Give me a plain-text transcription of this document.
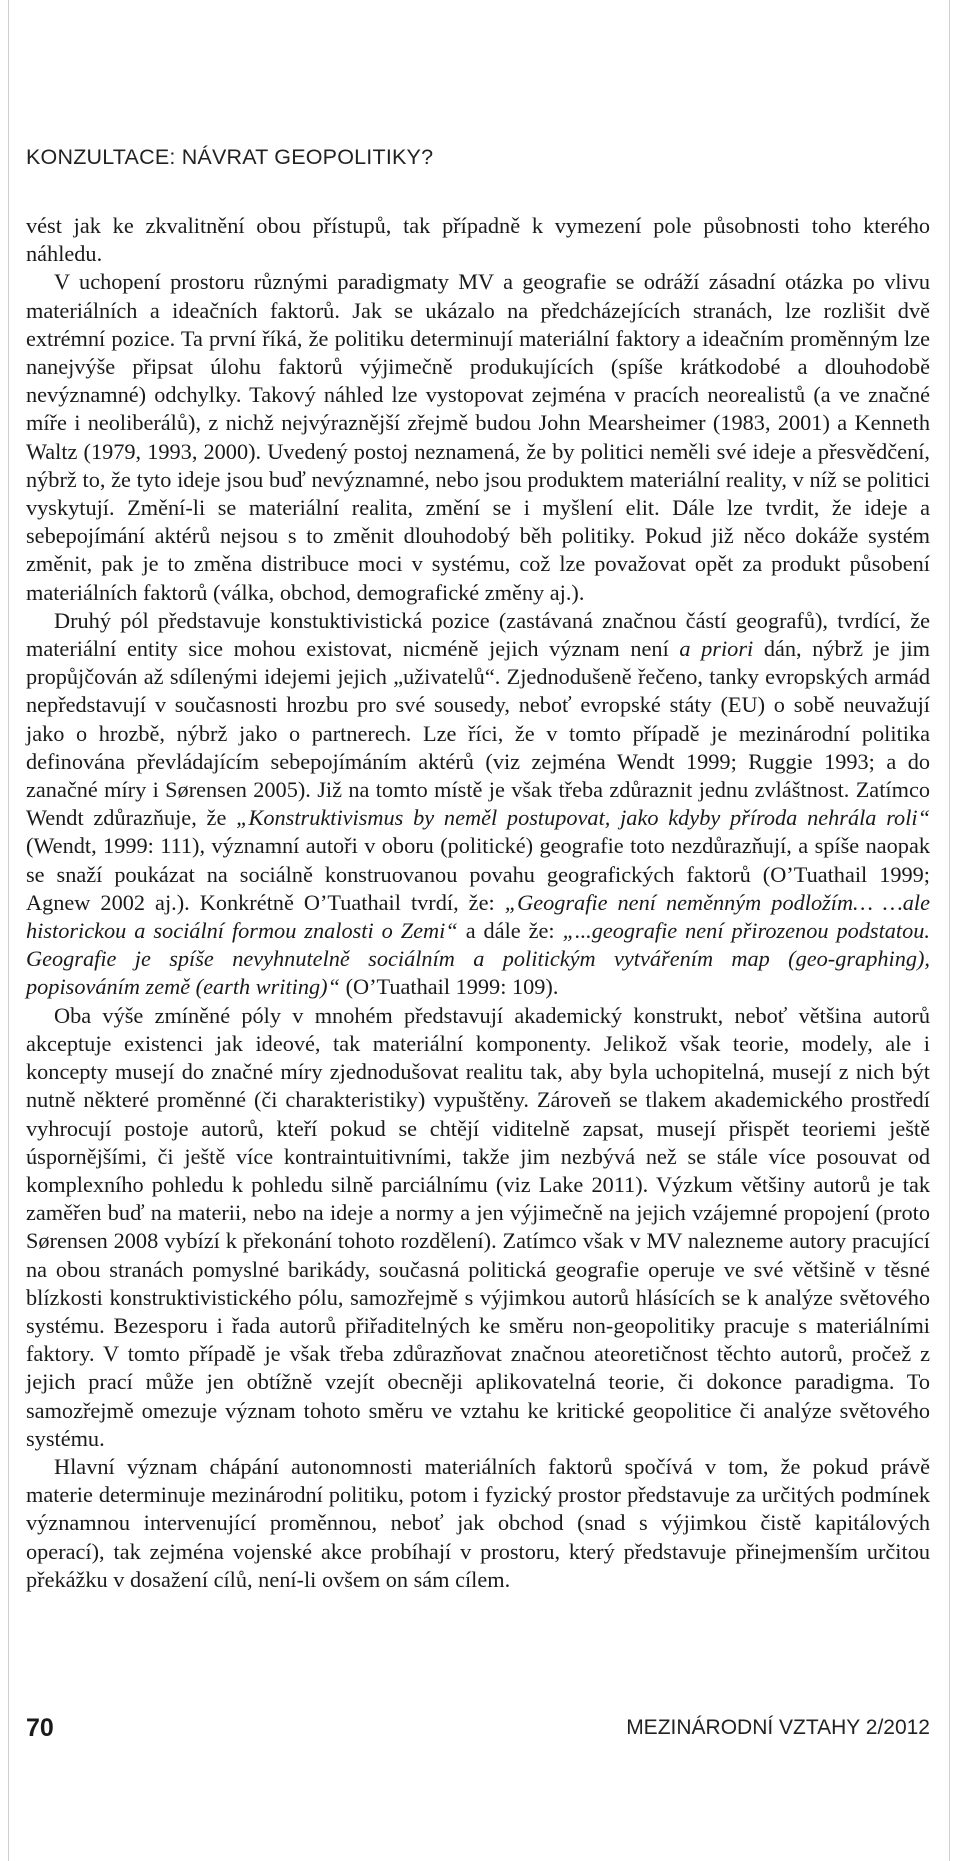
KONZULTACE: NÁVRAT GEOPOLITIKY?

vést jak ke zkvalitnění obou přístupů, tak případně k vymezení pole působnosti toho kterého náhledu.

V uchopení prostoru různými paradigmaty MV a geografie se odráží zásadní otázka po vlivu materiálních a ideačních faktorů. Jak se ukázalo na předcházejících stranách, lze rozlišit dvě extrémní pozice. Ta první říká, že politiku determinují materiální faktory a ideačním proměnným lze nanejvýše připsat úlohu faktorů výjimečně produkujících (spíše krátkodobé a dlouhodobě nevýznamné) odchylky. Takový náhled lze vystopovat zejména v pracích neorealistů (a ve značné míře i neoliberálů), z nichž nejvýraznější zřejmě budou John Mearsheimer (1983, 2001) a Kenneth Waltz (1979, 1993, 2000). Uvedený postoj neznamená, že by politici neměli své ideje a přesvědčení, nýbrž to, že tyto ideje jsou buď nevýznamné, nebo jsou produktem materiální reality, v níž se politici vyskytují. Změní-li se materiální realita, změní se i myšlení elit. Dále lze tvrdit, že ideje a sebepojímání aktérů nejsou s to změnit dlouhodobý běh politiky. Pokud již něco dokáže systém změnit, pak je to změna distribuce moci v systému, což lze považovat opět za produkt působení materiálních faktorů (válka, obchod, demografické změny aj.).

Druhý pól představuje konstuktivistická pozice (zastávaná značnou částí geografů), tvrdící, že materiální entity sice mohou existovat, nicméně jejich význam není a priori dán, nýbrž je jim propůjčován až sdílenými idejemi jejich „uživatelů“. Zjednodušeně řečeno, tanky evropských armád nepředstavují v současnosti hrozbu pro své sousedy, neboť evropské státy (EU) o sobě neuvažují jako o hrozbě, nýbrž jako o partnerech. Lze říci, že v tomto případě je mezinárodní politika definována převládajícím sebepojímáním aktérů (viz zejména Wendt 1999; Ruggie 1993; a do zanačné míry i Sørensen 2005). Již na tomto místě je však třeba zdůraznit jednu zvláštnost. Zatímco Wendt zdůrazňuje, že „Konstruktivismus by neměl postupovat, jako kdyby příroda nehrála roli“ (Wendt, 1999: 111), významní autoři v oboru (politické) geografie toto nezdůrazňují, a spíše naopak se snaží poukázat na sociálně konstruovanou povahu geografických faktorů (O’Tuathail 1999; Agnew 2002 aj.). Konkrétně O’Tuathail tvrdí, že: „Geografie není neměnným podložím… …ale historickou a sociální formou znalosti o Zemi“ a dále že: „...geografie není přirozenou podstatou. Geografie je spíše nevyhnutelně sociálním a politickým vytvářením map (geo-graphing), popisováním země (earth writing)“ (O’Tuathail 1999: 109).

Oba výše zmíněné póly v mnohém představují akademický konstrukt, neboť většina autorů akceptuje existenci jak ideové, tak materiální komponenty. Jelikož však teorie, modely, ale i koncepty musejí do značné míry zjednodušovat realitu tak, aby byla uchopitelná, musejí z nich být nutně některé proměnné (či charakteristiky) vypuštěny. Zároveň se tlakem akademického prostředí vyhrocují postoje autorů, kteří pokud se chtějí viditelně zapsat, musejí přispět teoriemi ještě úspornějšími, či ještě více kontraintuitivními, takže jim nezbývá než se stále více posouvat od komplexního pohledu k pohledu silně parciálnímu (viz Lake 2011). Výzkum většiny autorů je tak zaměřen buď na materii, nebo na ideje a normy a jen výjimečně na jejich vzájemné propojení (proto Sørensen 2008 vybízí k překonání tohoto rozdělení). Zatímco však v MV nalezneme autory pracující na obou stranách pomyslné barikády, současná politická geografie operuje ve své většině v těsné blízkosti konstruktivistického pólu, samozřejmě s výjimkou autorů hlásících se k analýze světového systému. Bezesporu i řada autorů přiřaditelných ke směru non-geopolitiky pracuje s materiálními faktory. V tomto případě je však třeba zdůrazňovat značnou ateoretičnost těchto autorů, pročež z jejich prací může jen obtížně vzejít obecněji aplikovatelná teorie, či dokonce paradigma. To samozřejmě omezuje význam tohoto směru ve vztahu ke kritické geopolitice či analýze světového systému.

Hlavní význam chápání autonomnosti materiálních faktorů spočívá v tom, že pokud právě materie determinuje mezinárodní politiku, potom i fyzický prostor představuje za určitých podmínek významnou intervenující proměnnou, neboť jak obchod (snad s výjimkou čistě kapitálových operací), tak zejména vojenské akce probíhají v prostoru, který představuje přinejmenším určitou překážku v dosažení cílů, není-li ovšem on sám cílem.

70	MEZINÁRODNÍ VZTAHY 2/2012
